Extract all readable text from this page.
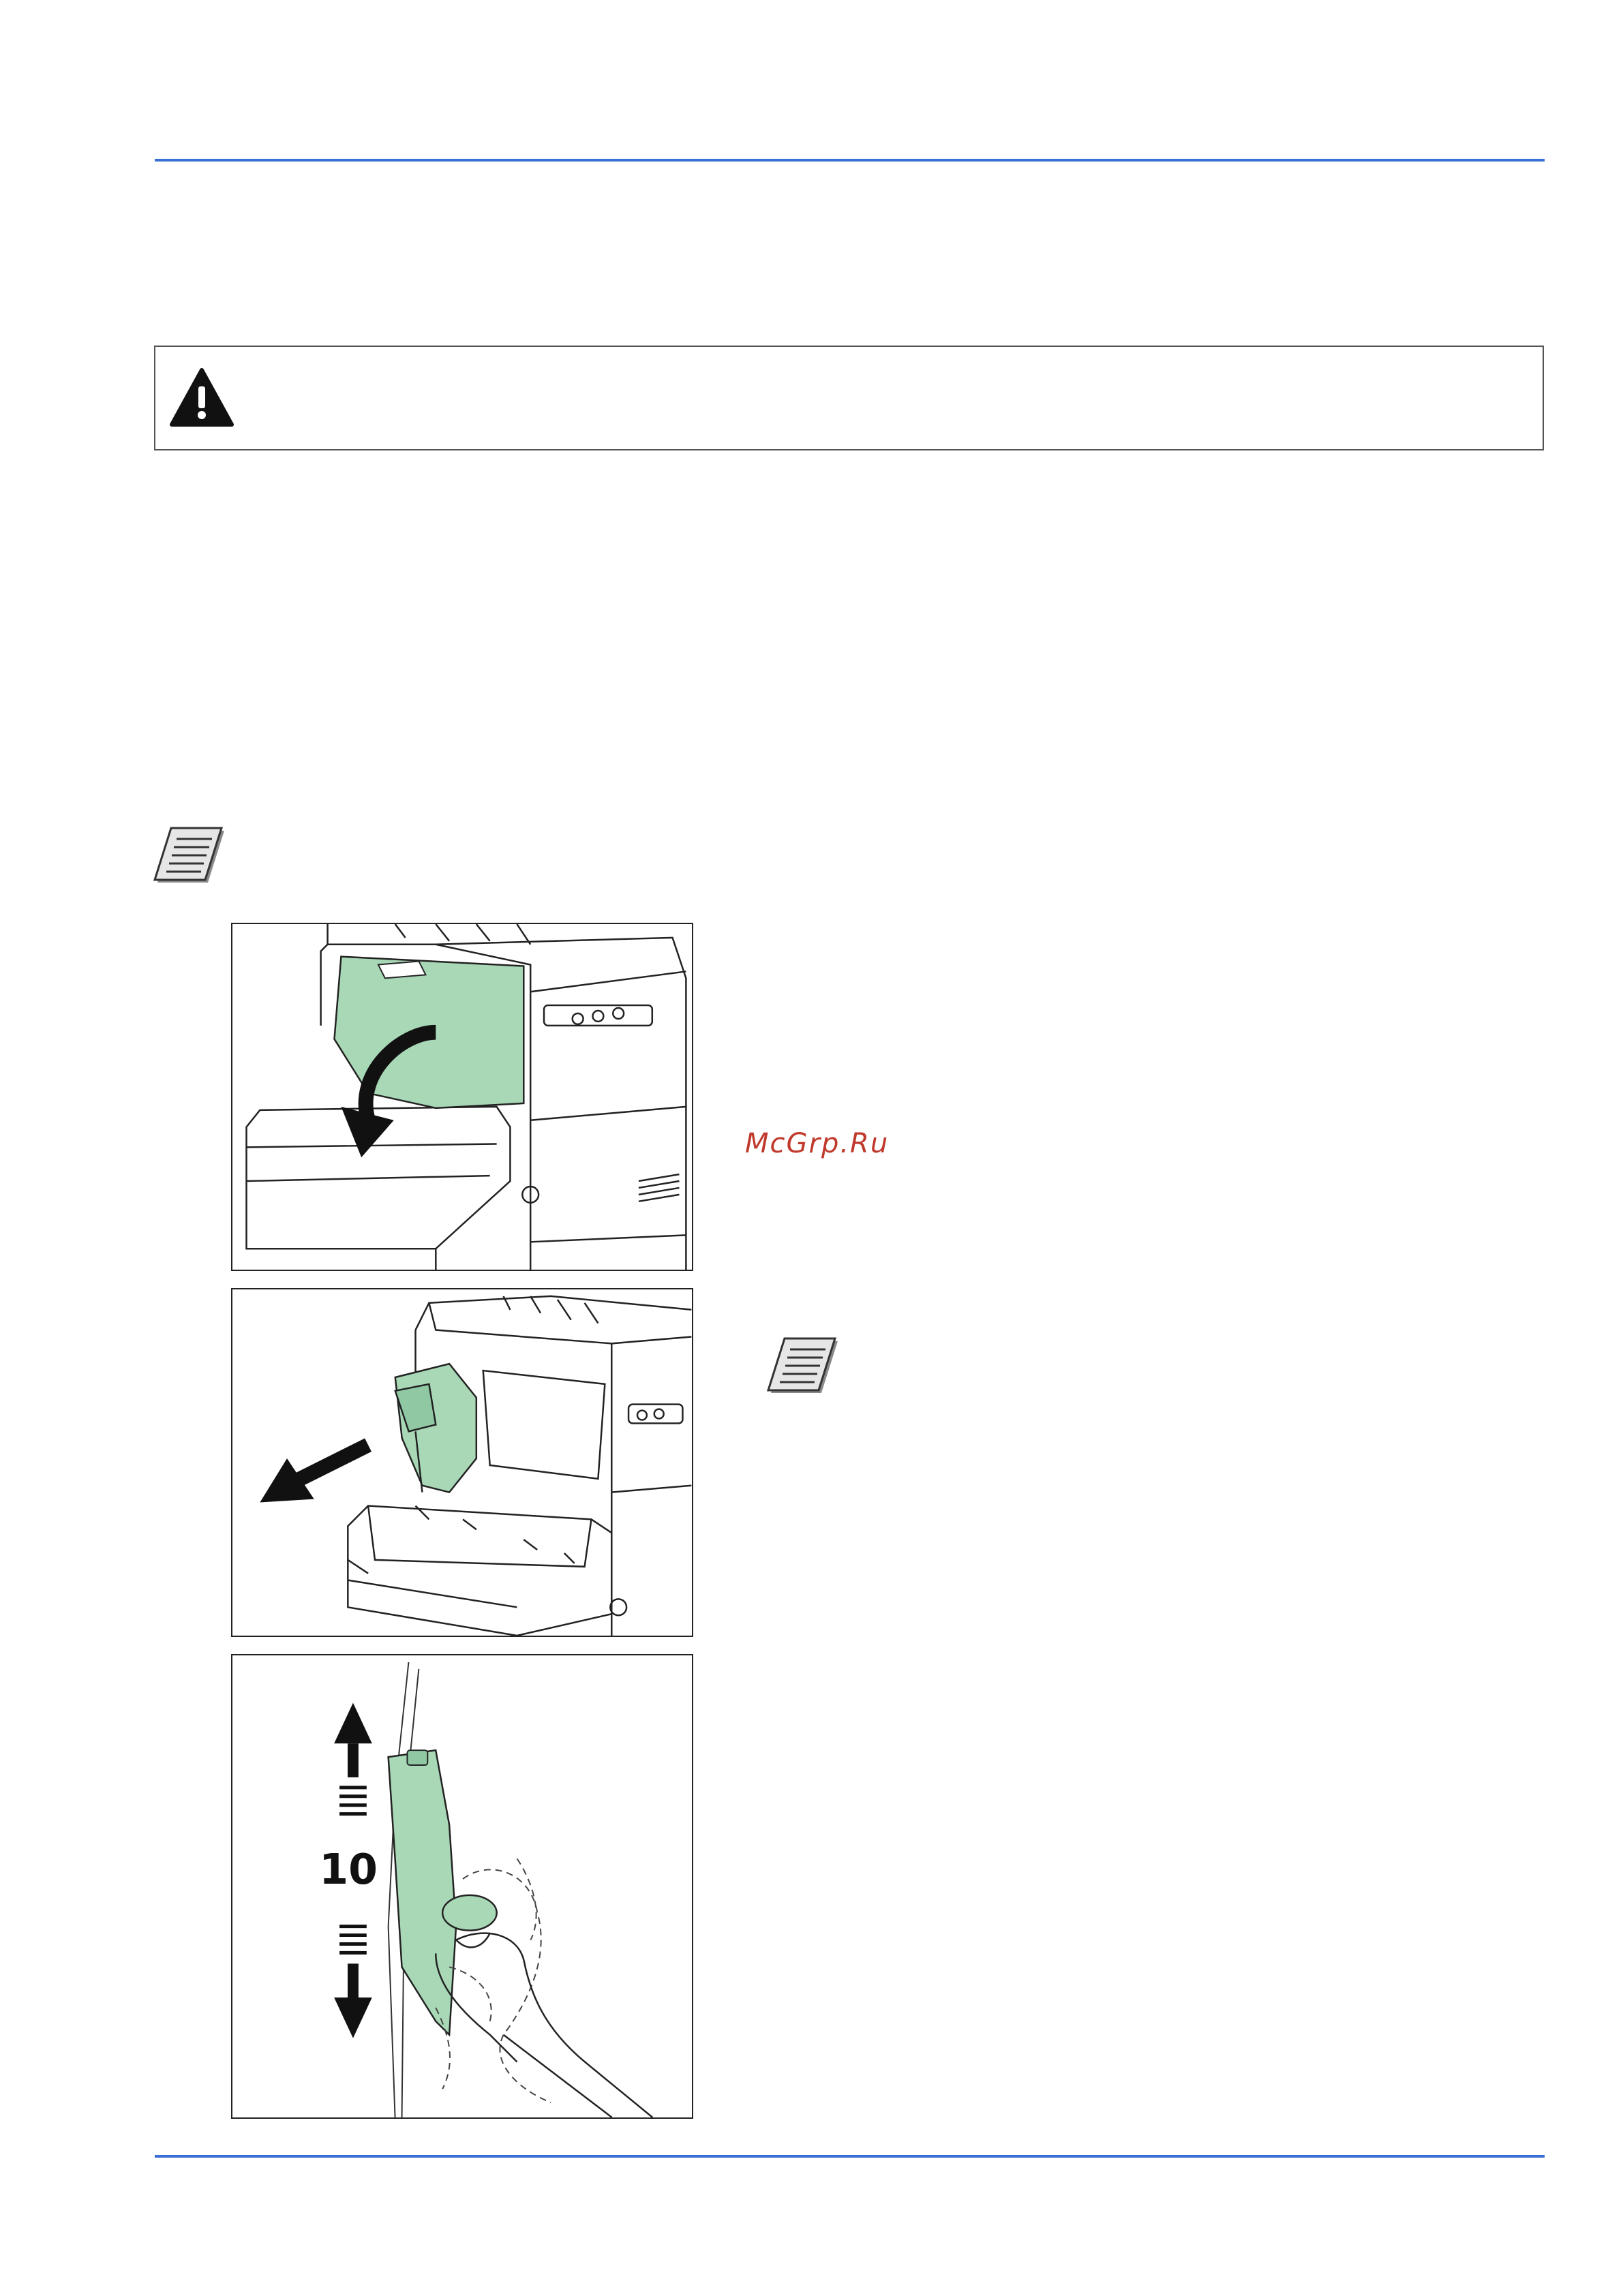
McGrp.Ru
10
